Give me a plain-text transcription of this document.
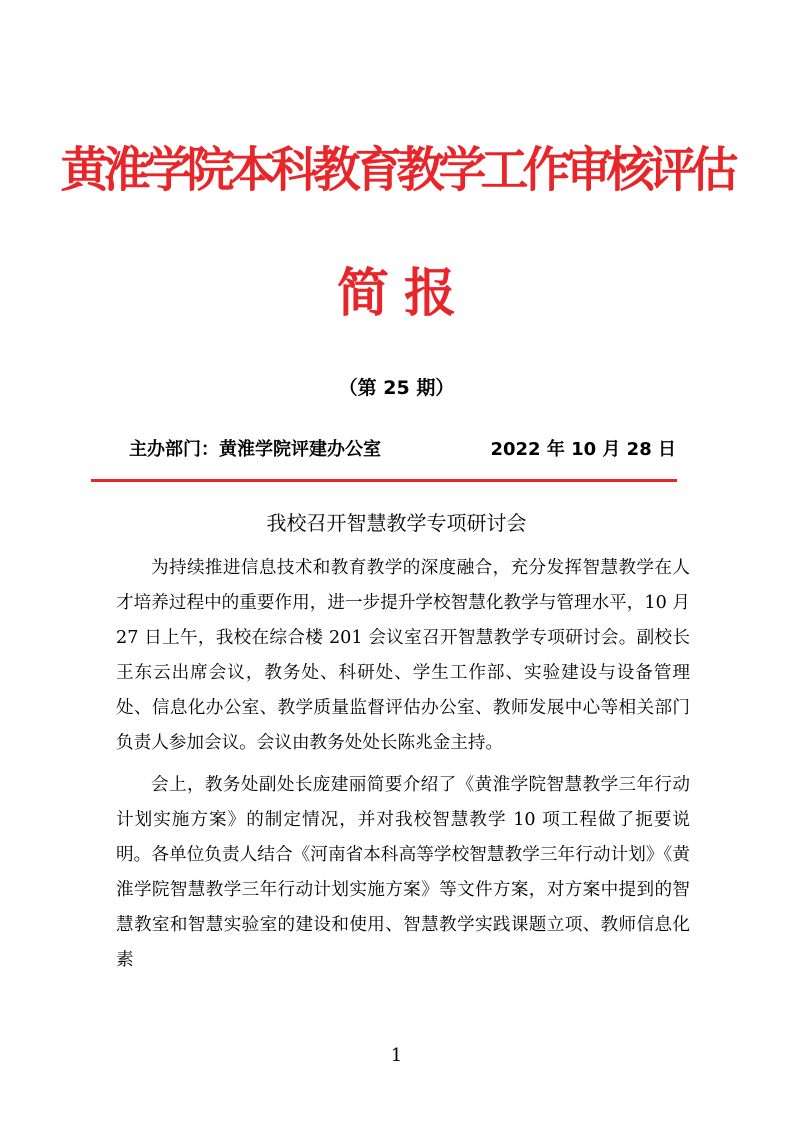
黄淮学院本科教育教学工作审核评估
简 报
（第 25 期）
主办部门：黄淮学院评建办公室	2022 年 10 月 28 日
我校召开智慧教学专项研讨会

为持续推进信息技术和教育教学的深度融合，充分发挥智慧教学在人才培养过程中的重要作用，进一步提升学校智慧化教学与管理水平，10 月 27 日上午，我校在综合楼 201 会议室召开智慧教学专项研讨会。副校长王东云出席会议，教务处、科研处、学生工作部、实验建设与设备管理处、信息化办公室、教学质量监督评估办公室、教师发展中心等相关部门负责人参加会议。会议由教务处处长陈兆金主持。

会上，教务处副处长庞建丽简要介绍了《黄淮学院智慧教学三年行动计划实施方案》的制定情况，并对我校智慧教学 10 项工程做了扼要说明。各单位负责人结合《河南省本科高等学校智慧教学三年行动计划》《黄淮学院智慧教学三年行动计划实施方案》等文件方案，对方案中提到的智慧教室和智慧实验室的建设和使用、智慧教学实践课题立项、教师信息化素

1
